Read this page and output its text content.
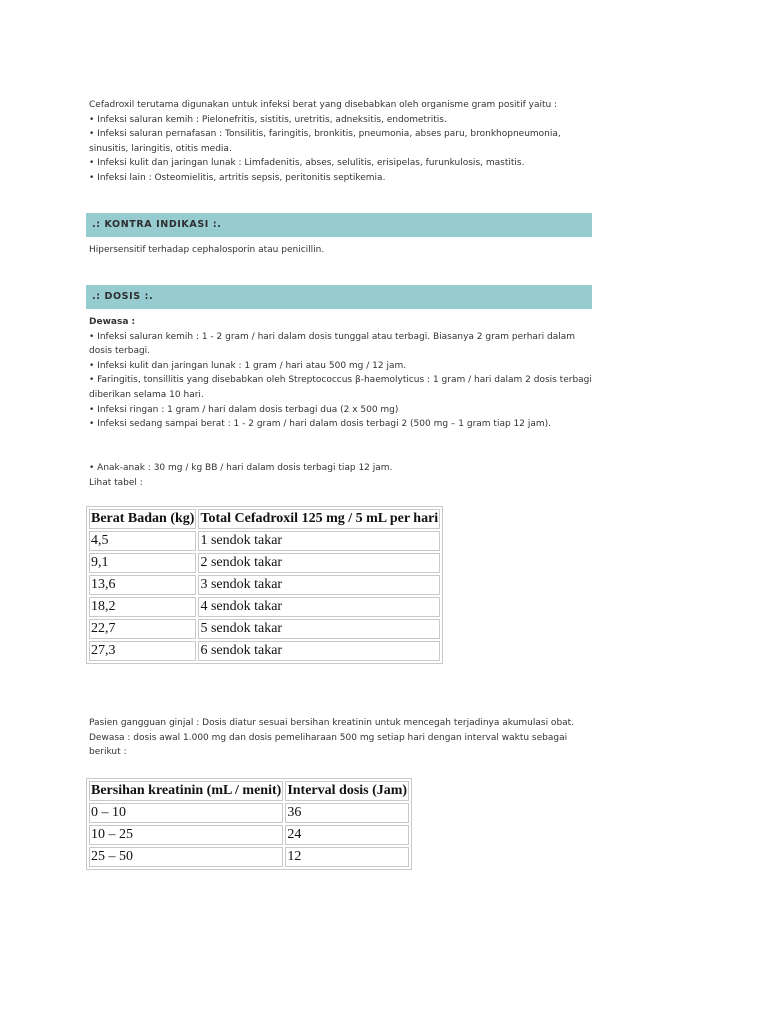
Cefadroxil terutama digunakan untuk infeksi berat yang disebabkan oleh organisme gram positif yaitu :
• Infeksi saluran kemih : Pielonefritis, sistitis, uretritis, adneksitis, endometritis.
• Infeksi saluran pernafasan : Tonsilitis, faringitis, bronkitis, pneumonia, abses paru, bronkhopneumonia,
sinusitis, laringitis, otitis media.
• Infeksi kulit dan jaringan lunak : Limfadenitis, abses, selulitis, erisipelas, furunkulosis, mastitis.
• Infeksi lain : Osteomielitis, artritis sepsis, peritonitis septikemia.
.: KONTRA INDIKASI :.
Hipersensitif terhadap cephalosporin atau penicillin.
.: DOSIS :.
Dewasa :
• Infeksi saluran kemih : 1 - 2 gram / hari dalam dosis tunggal atau terbagi. Biasanya 2 gram perhari dalam
dosis terbagi.
• Infeksi kulit dan jaringan lunak : 1 gram / hari atau 500 mg / 12 jam.
• Faringitis, tonsillitis yang disebabkan oleh Streptococcus β-haemolyticus : 1 gram / hari dalam 2 dosis terbagi
diberikan selama 10 hari.
• Infeksi ringan : 1 gram / hari dalam dosis terbagi dua (2 x 500 mg)
• Infeksi sedang sampai berat : 1 - 2 gram / hari dalam dosis terbagi 2 (500 mg – 1 gram tiap 12 jam).
• Anak-anak : 30 mg / kg BB / hari dalam dosis terbagi tiap 12 jam.
Lihat tabel :
Berat Badan (kg)	Total Cefadroxil 125 mg / 5 mL per hari
4,5	1 sendok takar
9,1	2 sendok takar
13,6	3 sendok takar
18,2	4 sendok takar
22,7	5 sendok takar
27,3	6 sendok takar
Pasien gangguan ginjal : Dosis diatur sesuai bersihan kreatinin untuk mencegah terjadinya akumulasi obat.
Dewasa : dosis awal 1.000 mg dan dosis pemeliharaan 500 mg setiap hari dengan interval waktu sebagai
berikut :
Bersihan kreatinin (mL / menit)	Interval dosis (Jam)
0 – 10	36
10 – 25	24
25 – 50	12
